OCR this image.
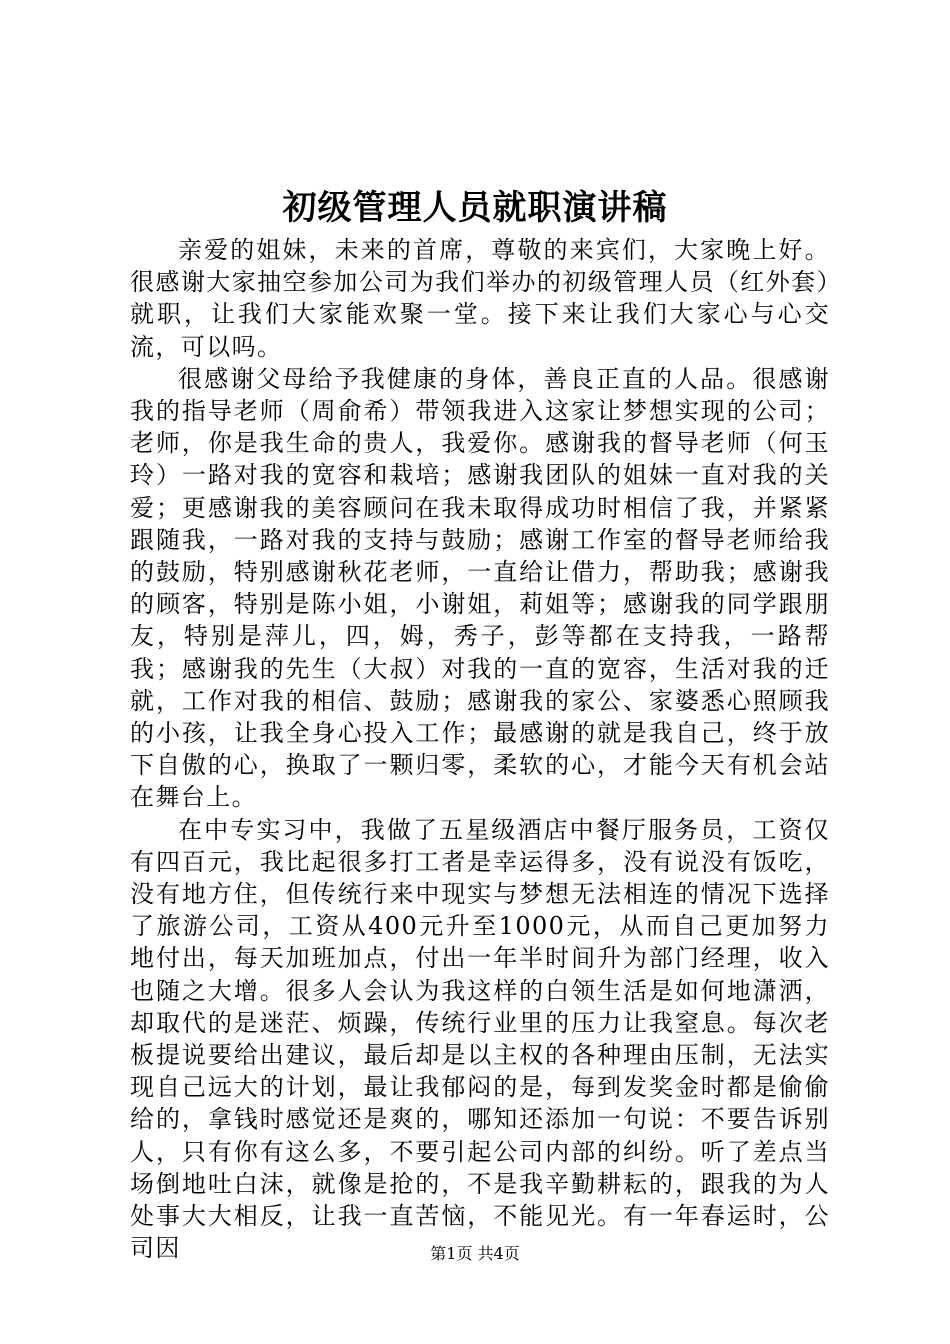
初级管理人员就职演讲稿

亲爱的姐妹，未来的首席，尊敬的来宾们，大家晚上好。很感谢大家抽空参加公司为我们举办的初级管理人员（红外套）就职，让我们大家能欢聚一堂。接下来让我们大家心与心交流，可以吗。

很感谢父母给予我健康的身体，善良正直的人品。很感谢我的指导老师（周俞希）带领我进入这家让梦想实现的公司；老师，你是我生命的贵人，我爱你。感谢我的督导老师（何玉玲）一路对我的宽容和栽培；感谢我团队的姐妹一直对我的关爱；更感谢我的美容顾问在我未取得成功时相信了我，并紧紧跟随我，一路对我的支持与鼓励；感谢工作室的督导老师给我的鼓励，特别感谢秋花老师，一直给让借力，帮助我；感谢我的顾客，特别是陈小姐，小谢姐，莉姐等；感谢我的同学跟朋友，特别是萍儿，四，姆，秀子，彭等都在支持我，一路帮我；感谢我的先生（大叔）对我的一直的宽容，生活对我的迁就，工作对我的相信、鼓励；感谢我的家公、家婆悉心照顾我的小孩，让我全身心投入工作；最感谢的就是我自己，终于放下自傲的心，换取了一颗归零，柔软的心，才能今天有机会站在舞台上。

在中专实习中，我做了五星级酒店中餐厅服务员，工资仅有四百元，我比起很多打工者是幸运得多，没有说没有饭吃，没有地方住，但传统行来中现实与梦想无法相连的情况下选择了旅游公司，工资从400元升至1000元，从而自己更加努力地付出，每天加班加点，付出一年半时间升为部门经理，收入也随之大增。很多人会认为我这样的白领生活是如何地潇洒，却取代的是迷茫、烦躁，传统行业里的压力让我窒息。每次老板提说要给出建议，最后却是以主权的各种理由压制，无法实现自己远大的计划，最让我郁闷的是，每到发奖金时都是偷偷给的，拿钱时感觉还是爽的，哪知还添加一句说：不要告诉别人，只有你有这么多，不要引起公司内部的纠纷。听了差点当场倒地吐白沫，就像是抢的，不是我辛勤耕耘的，跟我的为人处事大大相反，让我一直苦恼，不能见光。有一年春运时，公司因	第1页 共4页
